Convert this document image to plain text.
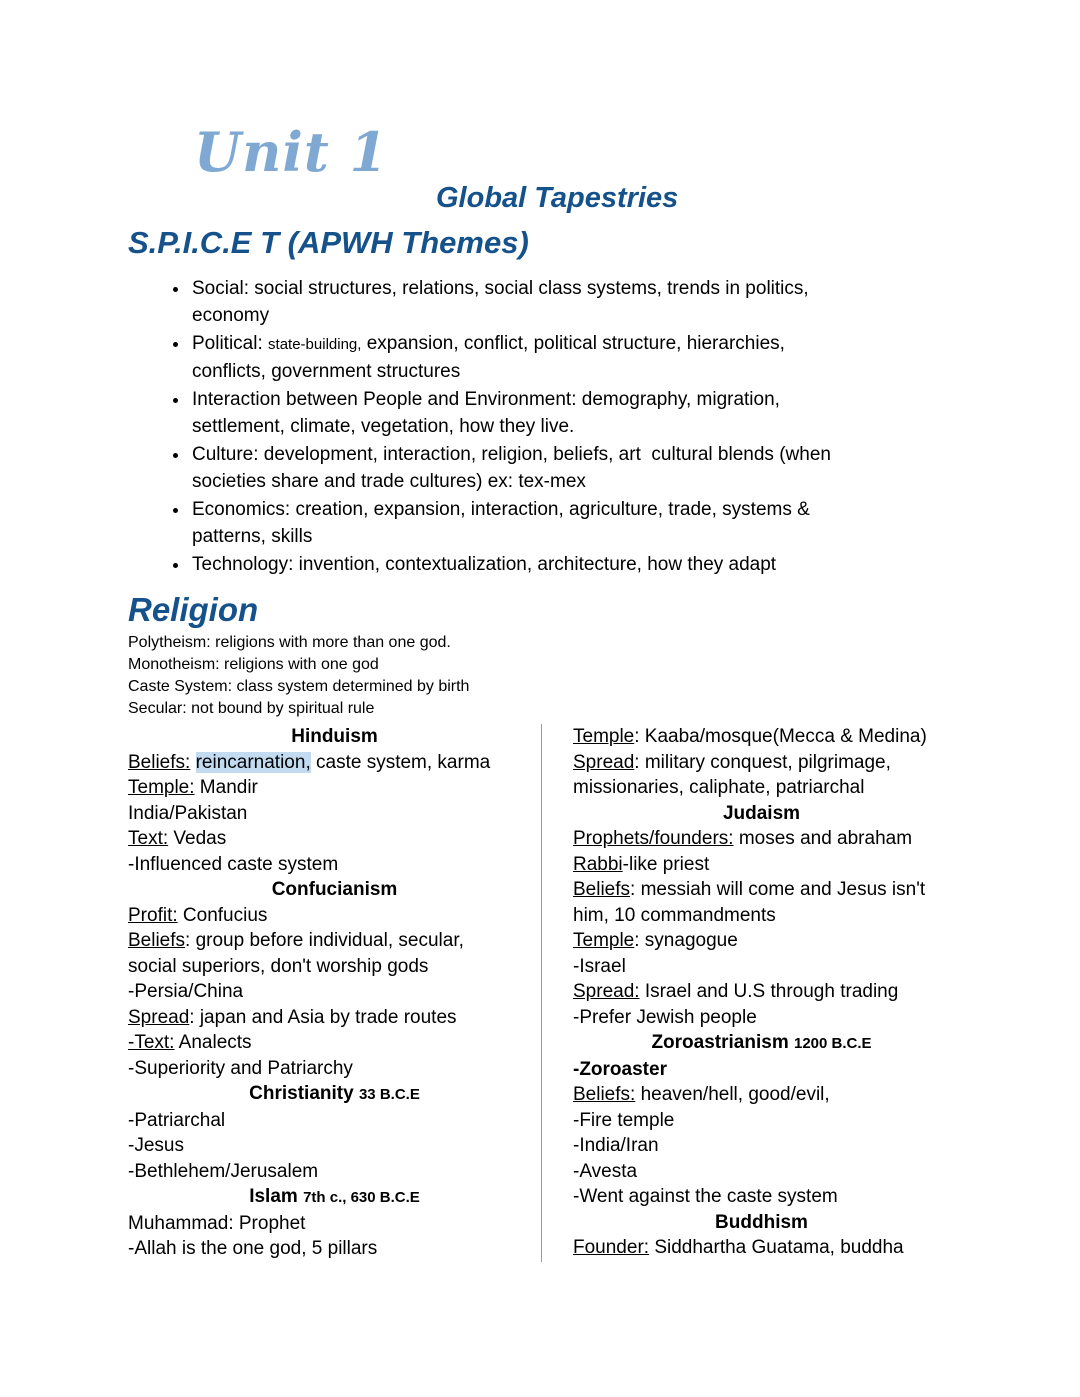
Unit 1
Global Tapestries
S.P.I.C.E T (APWH Themes)
• Social: social structures, relations, social class systems, trends in politics,
economy
• Political: state-building, expansion, conflict, political structure, hierarchies,
conflicts, government structures
• Interaction between People and Environment: demography, migration,
settlement, climate, vegetation, how they live.
• Culture: development, interaction, religion, beliefs, art  cultural blends (when
societies share and trade cultures) ex: tex-mex
• Economics: creation, expansion, interaction, agriculture, trade, systems &
patterns, skills
• Technology: invention, contextualization, architecture, how they adapt
Religion
Polytheism: religions with more than one god.
Monotheism: religions with one god
Caste System: class system determined by birth
Secular: not bound by spiritual rule
Hinduism
Beliefs: reincarnation, caste system, karma
Temple: Mandir
India/Pakistan
Text: Vedas
-Influenced caste system
Confucianism
Profit: Confucius
Beliefs: group before individual, secular,
social superiors, don't worship gods
-Persia/China
Spread: japan and Asia by trade routes
-Text: Analects
-Superiority and Patriarchy
Christianity 33 B.C.E
-Patriarchal
-Jesus
-Bethlehem/Jerusalem
Islam 7th c., 630 B.C.E
Muhammad: Prophet
-Allah is the one god, 5 pillars
Temple: Kaaba/mosque(Mecca & Medina)
Spread: military conquest, pilgrimage,
missionaries, caliphate, patriarchal
Judaism
Prophets/founders: moses and abraham
Rabbi-like priest
Beliefs: messiah will come and Jesus isn't
him, 10 commandments
Temple: synagogue
-Israel
Spread: Israel and U.S through trading
-Prefer Jewish people
Zoroastrianism 1200 B.C.E
-Zoroaster
Beliefs: heaven/hell, good/evil,
-Fire temple
-India/Iran
-Avesta
-Went against the caste system
Buddhism
Founder: Siddhartha Guatama, buddha
